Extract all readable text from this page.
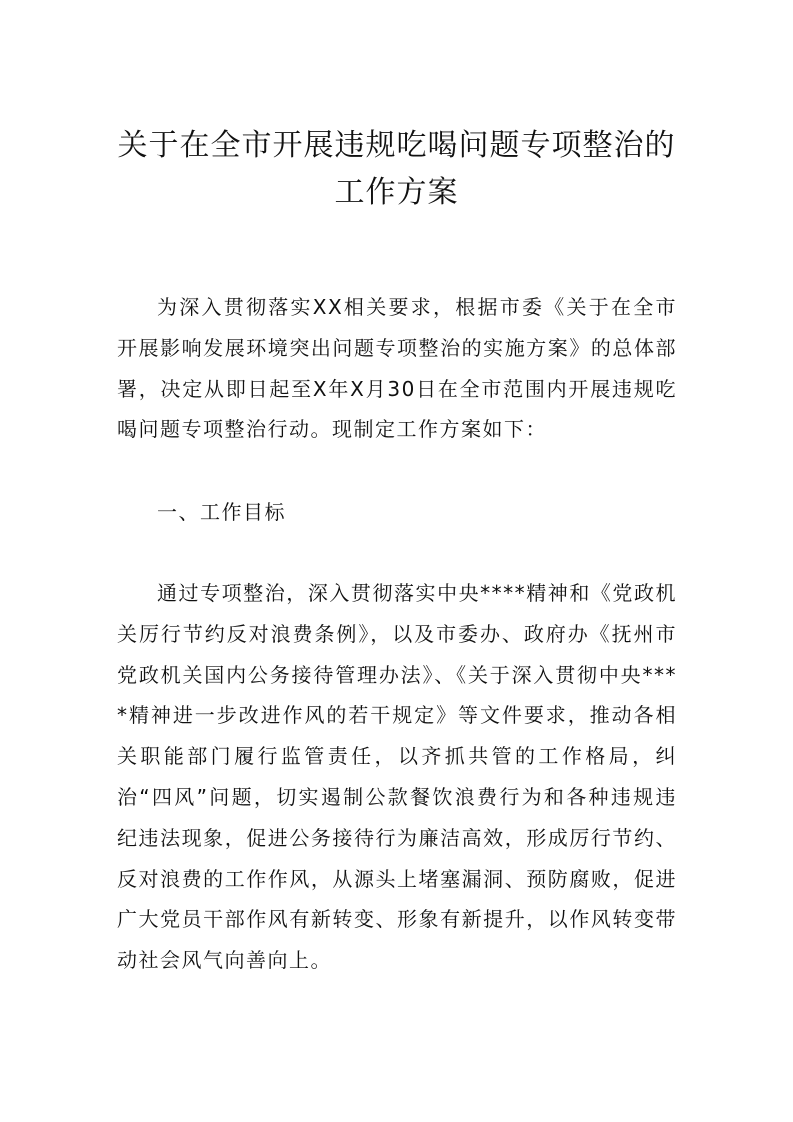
关于在全市开展违规吃喝问题专项整治的
工作方案

为深入贯彻落实XX相关要求，根据市委《关于在全市开展影响发展环境突出问题专项整治的实施方案》的总体部署，决定从即日起至X年X月30日在全市范围内开展违规吃喝问题专项整治行动。现制定工作方案如下：

一、工作目标

通过专项整治，深入贯彻落实中央****精神和《党政机关厉行节约反对浪费条例》，以及市委办、政府办《抚州市党政机关国内公务接待管理办法》、《关于深入贯彻中央****精神进一步改进作风的若干规定》等文件要求，推动各相关职能部门履行监管责任，以齐抓共管的工作格局，纠治“四风”问题，切实遏制公款餐饮浪费行为和各种违规违纪违法现象，促进公务接待行为廉洁高效，形成厉行节约、反对浪费的工作作风，从源头上堵塞漏洞、预防腐败，促进广大党员干部作风有新转变、形象有新提升，以作风转变带动社会风气向善向上。
